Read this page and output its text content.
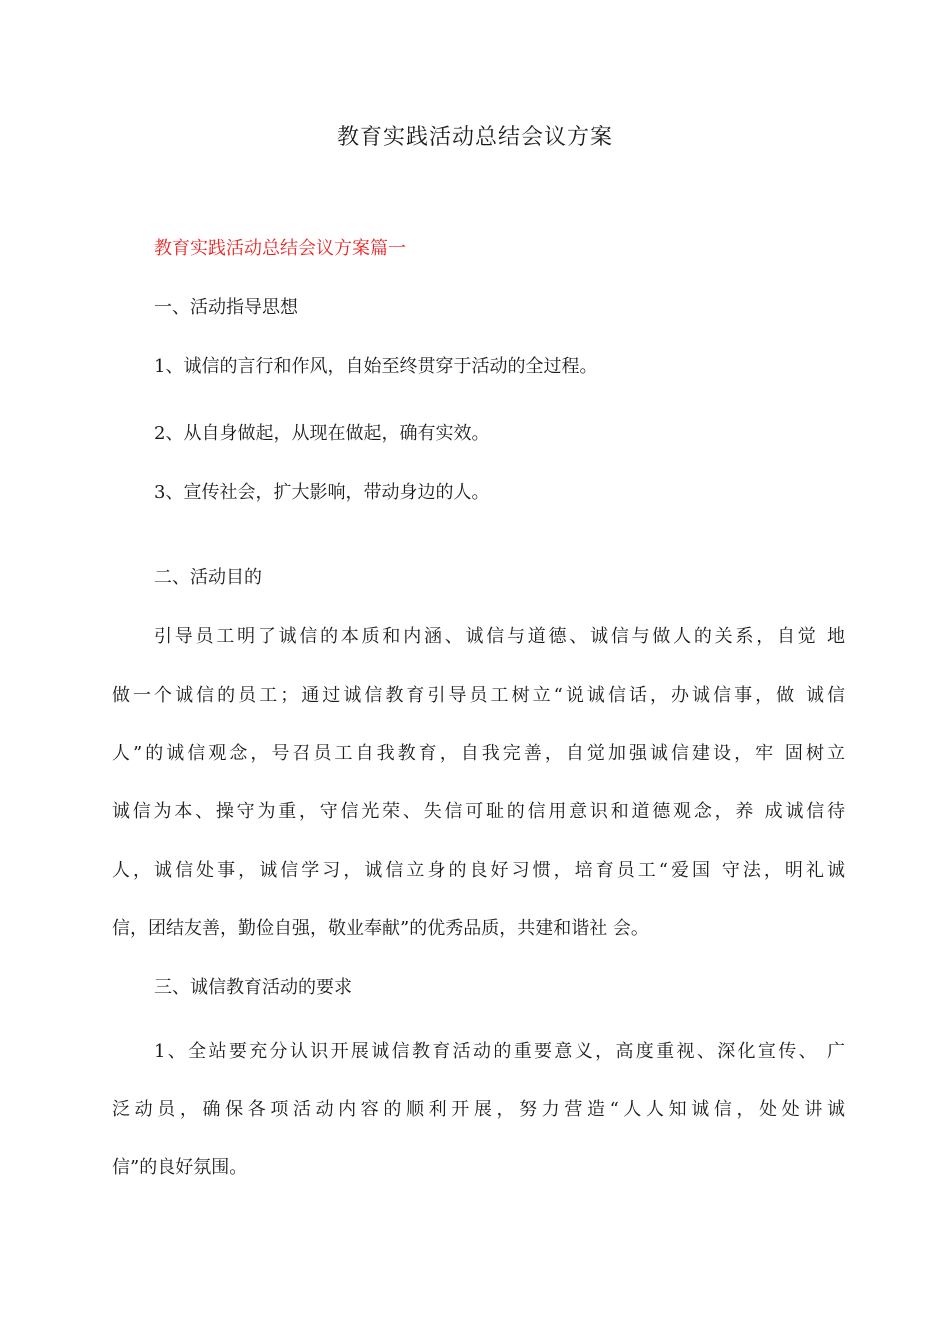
教育实践活动总结会议方案
教育实践活动总结会议方案篇一
一、活动指导思想
1、诚信的言行和作风，自始至终贯穿于活动的全过程。
2、从自身做起，从现在做起，确有实效。
3、宣传社会，扩大影响，带动身边的人。
二、活动目的
引导员工明了诚信的本质和内涵、诚信与道德、诚信与做人的关系，自觉 地
做一个诚信的员工；通过诚信教育引导员工树立“说诚信话，办诚信事，做 诚信
人”的诚信观念，号召员工自我教育，自我完善，自觉加强诚信建设，牢 固树立
诚信为本、操守为重，守信光荣、失信可耻的信用意识和道德观念，养 成诚信待
人，诚信处事，诚信学习，诚信立身的良好习惯，培育员工“爱国 守法，明礼诚
信，团结友善，勤俭自强，敬业奉献”的优秀品质，共建和谐社 会。
三、诚信教育活动的要求
1、全站要充分认识开展诚信教育活动的重要意义，高度重视、深化宣传、 广
泛动员，确保各项活动内容的顺利开展，努力营造“人人知诚信，处处讲诚
信”的良好氛围。
